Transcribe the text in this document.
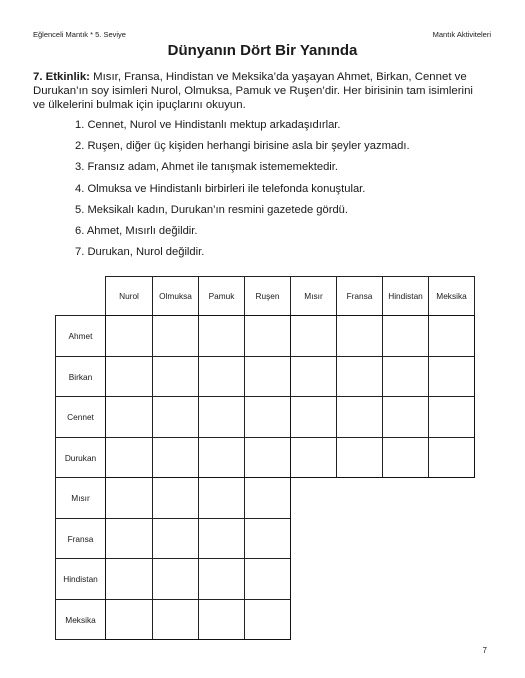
Eğlenceli Mantık * 5. Seviye	Mantık Aktiviteleri
Dünyanın Dört Bir Yanında
7. Etkinlik: Mısır, Fransa, Hindistan ve Meksika’da yaşayan Ahmet, Birkan, Cennet ve Durukan’ın soy isimleri Nurol, Olmuksa, Pamuk ve Ruşen’dir. Her birisinin tam isimlerini ve ülkelerini bulmak için ipuçlarını okuyun.
1. Cennet, Nurol ve Hindistanlı mektup arkadaşıdırlar.
2. Ruşen, diğer üç kişiden herhangi birisine asla bir şeyler yazmadı.
3. Fransız adam, Ahmet ile tanışmak istememektedir.
4. Olmuksa ve Hindistanlı birbirleri ile telefonda konuştular.
5. Meksikalı kadın, Durukan’ın resmini gazetede gördü.
6. Ahmet, Mısırlı değildir.
7. Durukan, Nurol değildir.
Nurol	Olmuksa	Pamuk	Ruşen	Mısır	Fransa	Hindistan	Meksika
Ahmet
Birkan
Cennet
Durukan
Mısır
Fransa
Hindistan
Meksika
7
